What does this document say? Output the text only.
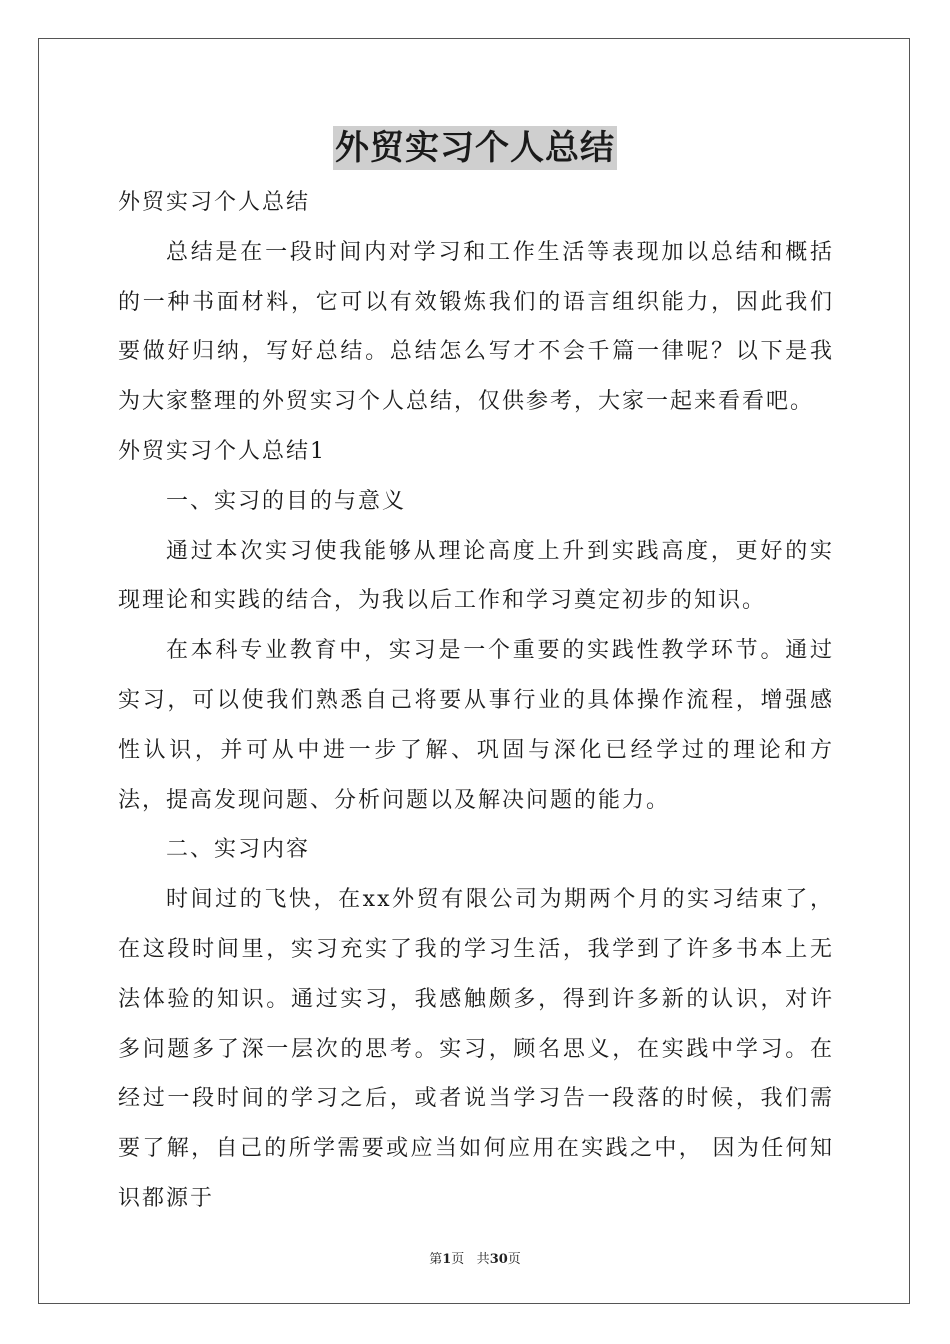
外贸实习个人总结

外贸实习个人总结

总结是在一段时间内对学习和工作生活等表现加以总结和概括的一种书面材料，它可以有效锻炼我们的语言组织能力，因此我们要做好归纳，写好总结。总结怎么写才不会千篇一律呢？以下是我为大家整理的外贸实习个人总结，仅供参考，大家一起来看看吧。

外贸实习个人总结1

一、实习的目的与意义

通过本次实习使我能够从理论高度上升到实践高度，更好的实现理论和实践的结合，为我以后工作和学习奠定初步的知识。

在本科专业教育中，实习是一个重要的实践性教学环节。通过实习，可以使我们熟悉自己将要从事行业的具体操作流程，增强感性认识，并可从中进一步了解、巩固与深化已经学过的理论和方法，提高发现问题、分析问题以及解决问题的能力。

二、实习内容

时间过的飞快，在xx外贸有限公司为期两个月的实习结束了，在这段时间里，实习充实了我的学习生活，我学到了许多书本上无法体验的知识。通过实习，我感触颇多，得到许多新的认识，对许多问题多了深一层次的思考。实习，顾名思义，在实践中学习。在经过一段时间的学习之后，或者说当学习告一段落的时候，我们需要了解，自己的所学需要或应当如何应用在实践之中， 因为任何知识都源于

第1页 共30页
